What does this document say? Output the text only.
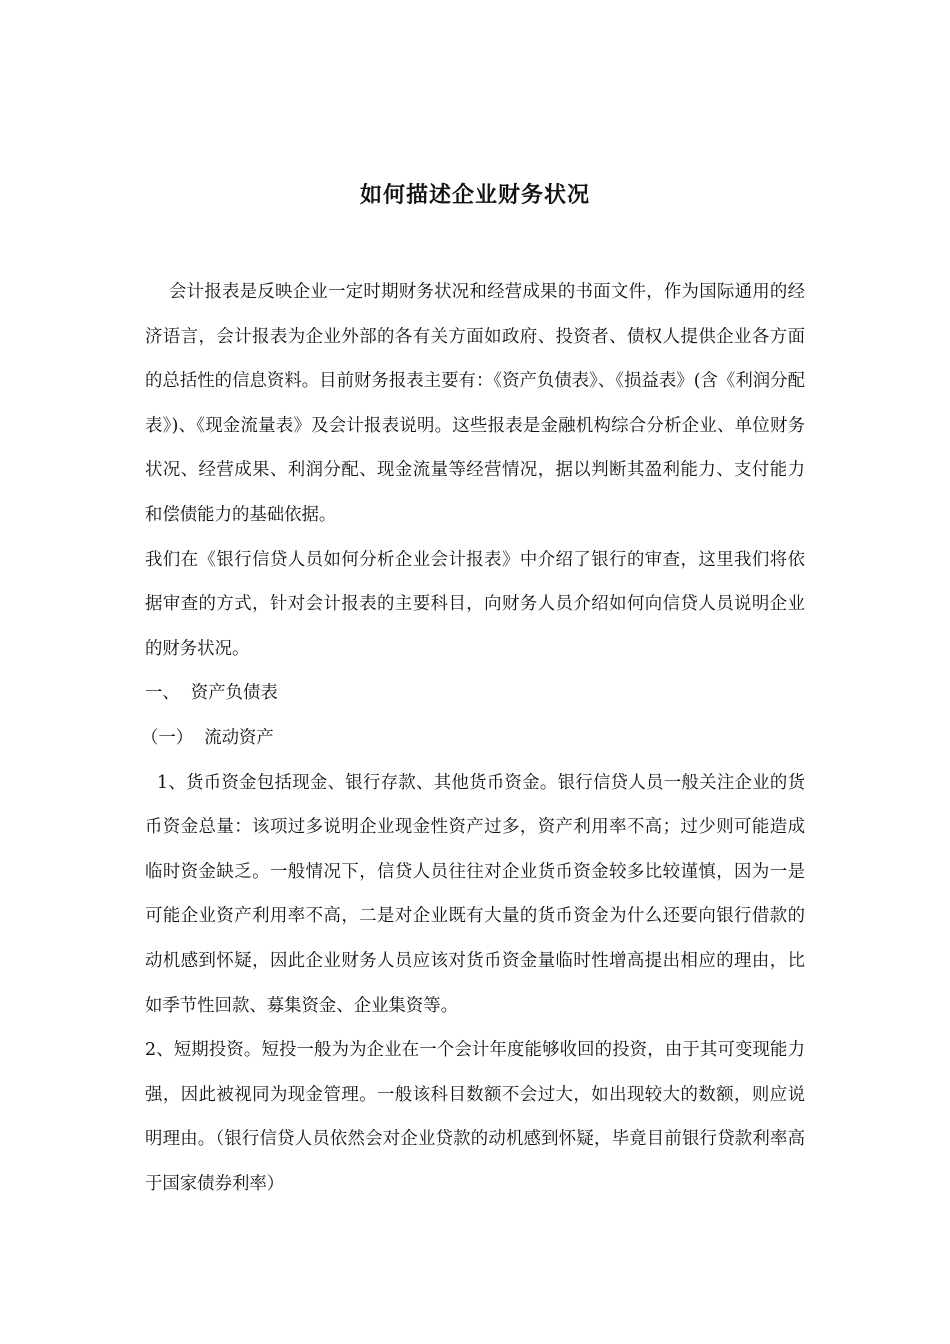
如何描述企业财务状况

会计报表是反映企业一定时期财务状况和经营成果的书面文件，作为国际通用的经济语言，会计报表为企业外部的各有关方面如政府、投资者、债权人提供企业各方面的总括性的信息资料。目前财务报表主要有：《资产负债表》、《损益表》(含《利润分配表》)、《现金流量表》及会计报表说明。这些报表是金融机构综合分析企业、单位财务状况、经营成果、利润分配、现金流量等经营情况，据以判断其盈利能力、支付能力和偿债能力的基础依据。

我们在《银行信贷人员如何分析企业会计报表》中介绍了银行的审查，这里我们将依据审查的方式，针对会计报表的主要科目，向财务人员介绍如何向信贷人员说明企业的财务状况。

一、  资产负债表

（一）  流动资产

1、货币资金包括现金、银行存款、其他货币资金。银行信贷人员一般关注企业的货币资金总量：该项过多说明企业现金性资产过多，资产利用率不高；过少则可能造成临时资金缺乏。一般情况下，信贷人员往往对企业货币资金较多比较谨慎，因为一是可能企业资产利用率不高，二是对企业既有大量的货币资金为什么还要向银行借款的动机感到怀疑，因此企业财务人员应该对货币资金量临时性增高提出相应的理由，比如季节性回款、募集资金、企业集资等。

2、短期投资。短投一般为为企业在一个会计年度能够收回的投资，由于其可变现能力强，因此被视同为现金管理。一般该科目数额不会过大，如出现较大的数额，则应说明理由。（银行信贷人员依然会对企业贷款的动机感到怀疑，毕竟目前银行贷款利率高于国家债券利率）
